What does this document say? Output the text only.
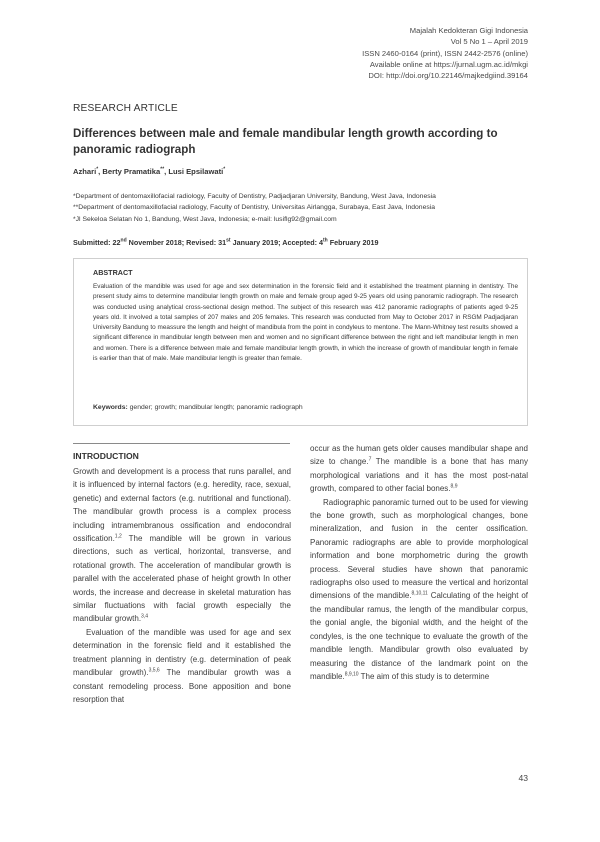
Majalah Kedokteran Gigi Indonesia
Vol 5 No 1 – April 2019
ISSN 2460-0164 (print), ISSN 2442-2576 (online)
Available online at https://jurnal.ugm.ac.id/mkgi
DOI: http://doi.org/10.22146/majkedgiind.39164
RESEARCH ARTICLE
Differences between male and female mandibular length growth according to panoramic radiograph
Azhari*, Berty Pramatika**, Lusi Epsilawati*
*Department of dentomaxillofacial radiology, Faculty of Dentistry, Padjadjaran University, Bandung, West Java, Indonesia
**Department of dentomaxillofacial radiology, Faculty of Dentistry, Universitas Airlangga, Surabaya, East Java, Indonesia
*Jl Sekeloa Selatan No 1, Bandung, West Java, Indonesia; e-mail: lusiflg92@gmail.com
Submitted: 22nd November 2018; Revised: 31st January 2019; Accepted: 4th February 2019
ABSTRACT
Evaluation of the mandible was used for age and sex determination in the forensic field and it established the treatment planning in dentistry. The present study aims to determine mandibular length growth on male and female group aged 9-25 years old using panoramic radiograph. The research was conducted using analytical cross-sectional design method. The subject of this research was 412 panoramic radiographs of patients aged 9-25 years old. It involved a total samples of 207 males and 205 females. This research was conducted from May to October 2017 in RSGM Padjadjaran University Bandung to meassure the length and height of mandibula from the point in condyleus to mentone. The Mann-Whitney test results showed a significant difference in mandibular length between men and women and no significant difference between the right and left mandibular length in men and women. There is a difference between male and female mandibular length growth, in which the increase of growth of mandibular length in female is earlier than that of male. Male mandibular length is greater than female.
Keywords: gender; growth; mandibular length; panoramic radiograph
INTRODUCTION

Growth and development is a process that runs parallel, and it is influenced by internal factors (e.g. heredity, race, sexual, genetic) and external factors (e.g. nutritional and functional). The mandibular growth process is a complex process including intramembranous ossification and endocondral ossification.$^{1,2}$ The mandible will be grown in various directions, such as vertical, horizontal, transverse, and rotational growth. The acceleration of mandibular growth is parallel with the accelerated phase of height growth In other words, the increase and decrease in skeletal maturation has similar fluctuations with facial growth especially the mandibular growth.$^{3,4}$

Evaluation of the mandible was used for age and sex determination in the forensic field and it established the treatment planning in dentistry (e.g. determination of peak mandibular growth).$^{3,5,6}$ The mandibular growth was a constant remodeling process. Bone apposition and bone resorption that

occur as the human gets older causes mandibular shape and size to change.$^7$ The mandible is a bone that has many morphological variations and it has the most post-natal growth, compared to other facial bones.$^{8,9}$

Radiographic panoramic turned out to be used for viewing the bone growth, such as morphological changes, bone mineralization, and fusion in the center ossification. Panoramic radiographs are able to provide morphological information and bone morphometric during the growth process. Several studies have shown that panoramic radiographs olso used to measure the vertical and horizontal dimensions of the mandible.$^{8,10,11}$ Calculating of the height of the mandibular ramus, the length of the mandibular corpus, the gonial angle, the bigonial width, and the height of the condyles, is the one technique to evaluate the growth of the mandible length. Mandibular growth olso evaluated by measuring the distance of the landmark point on the mandible.$^{8,9,10}$ The aim of this study is to determine

43
